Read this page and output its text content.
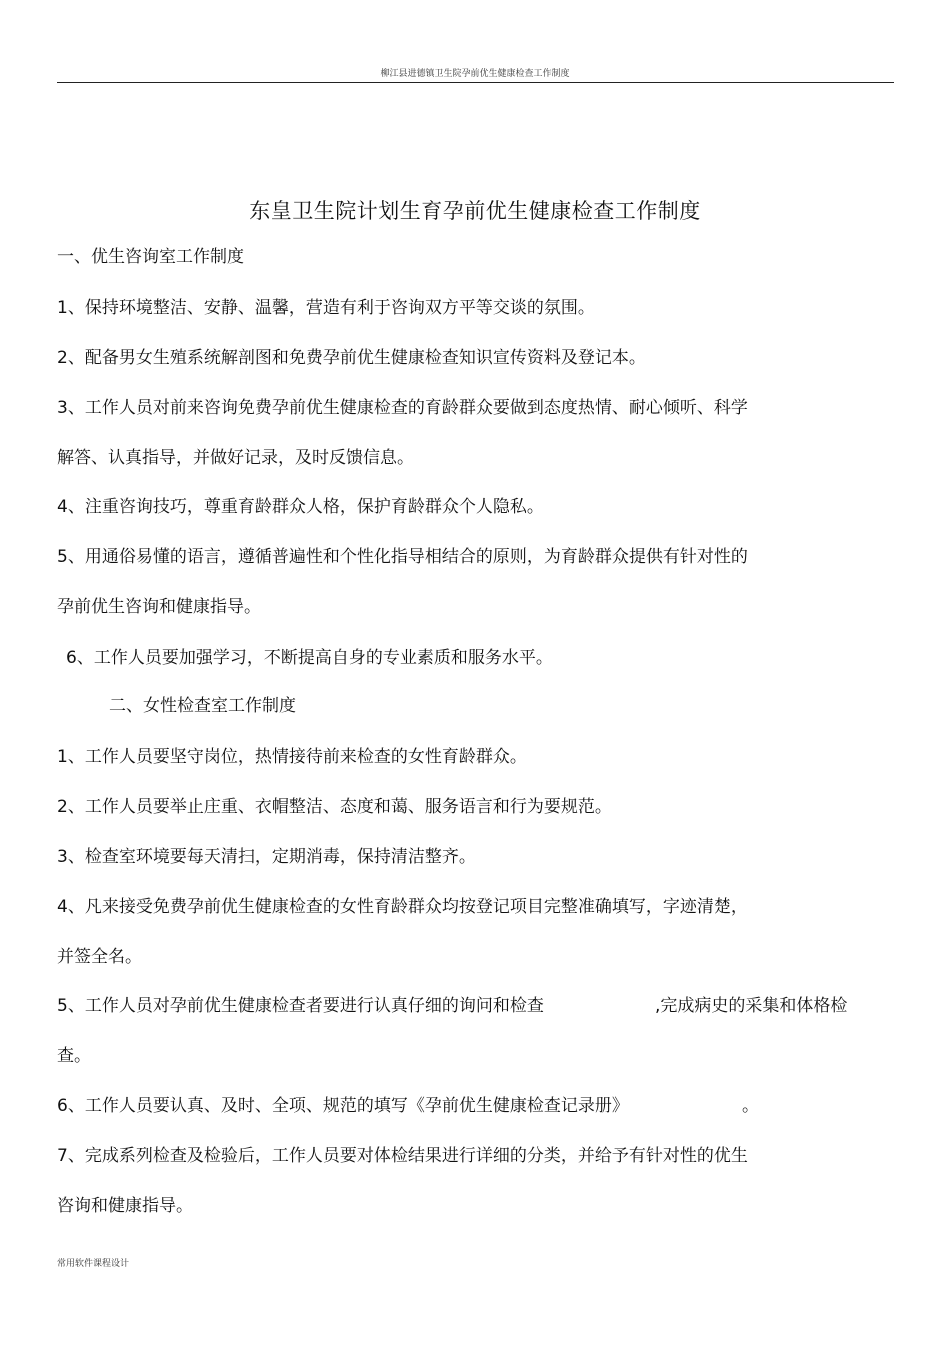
柳江县进德镇卫生院孕前优生健康检查工作制度
东皇卫生院计划生育孕前优生健康检查工作制度
一、优生咨询室工作制度
1、保持环境整洁、安静、温馨，营造有利于咨询双方平等交谈的氛围。
2、配备男女生殖系统解剖图和免费孕前优生健康检查知识宣传资料及登记本。
3、工作人员对前来咨询免费孕前优生健康检查的育龄群众要做到态度热情、耐心倾听、科学
解答、认真指导，并做好记录，及时反馈信息。
4、注重咨询技巧，尊重育龄群众人格，保护育龄群众个人隐私。
5、用通俗易懂的语言，遵循普遍性和个性化指导相结合的原则，为育龄群众提供有针对性的
孕前优生咨询和健康指导。
6、工作人员要加强学习，不断提高自身的专业素质和服务水平。
二、女性检查室工作制度
1、工作人员要坚守岗位，热情接待前来检查的女性育龄群众。
2、工作人员要举止庄重、衣帽整洁、态度和蔼、服务语言和行为要规范。
3、检查室环境要每天清扫，定期消毒，保持清洁整齐。
4、凡来接受免费孕前优生健康检查的女性育龄群众均按登记项目完整准确填写，字迹清楚，
并签全名。
5、工作人员对孕前优生健康检查者要进行认真仔细的询问和检查	,完成病史的采集和体格检
查。
6、工作人员要认真、及时、全项、规范的填写《孕前优生健康检查记录册》	。
7、完成系列检查及检验后，工作人员要对体检结果进行详细的分类，并给予有针对性的优生
咨询和健康指导。
常用软件课程设计
